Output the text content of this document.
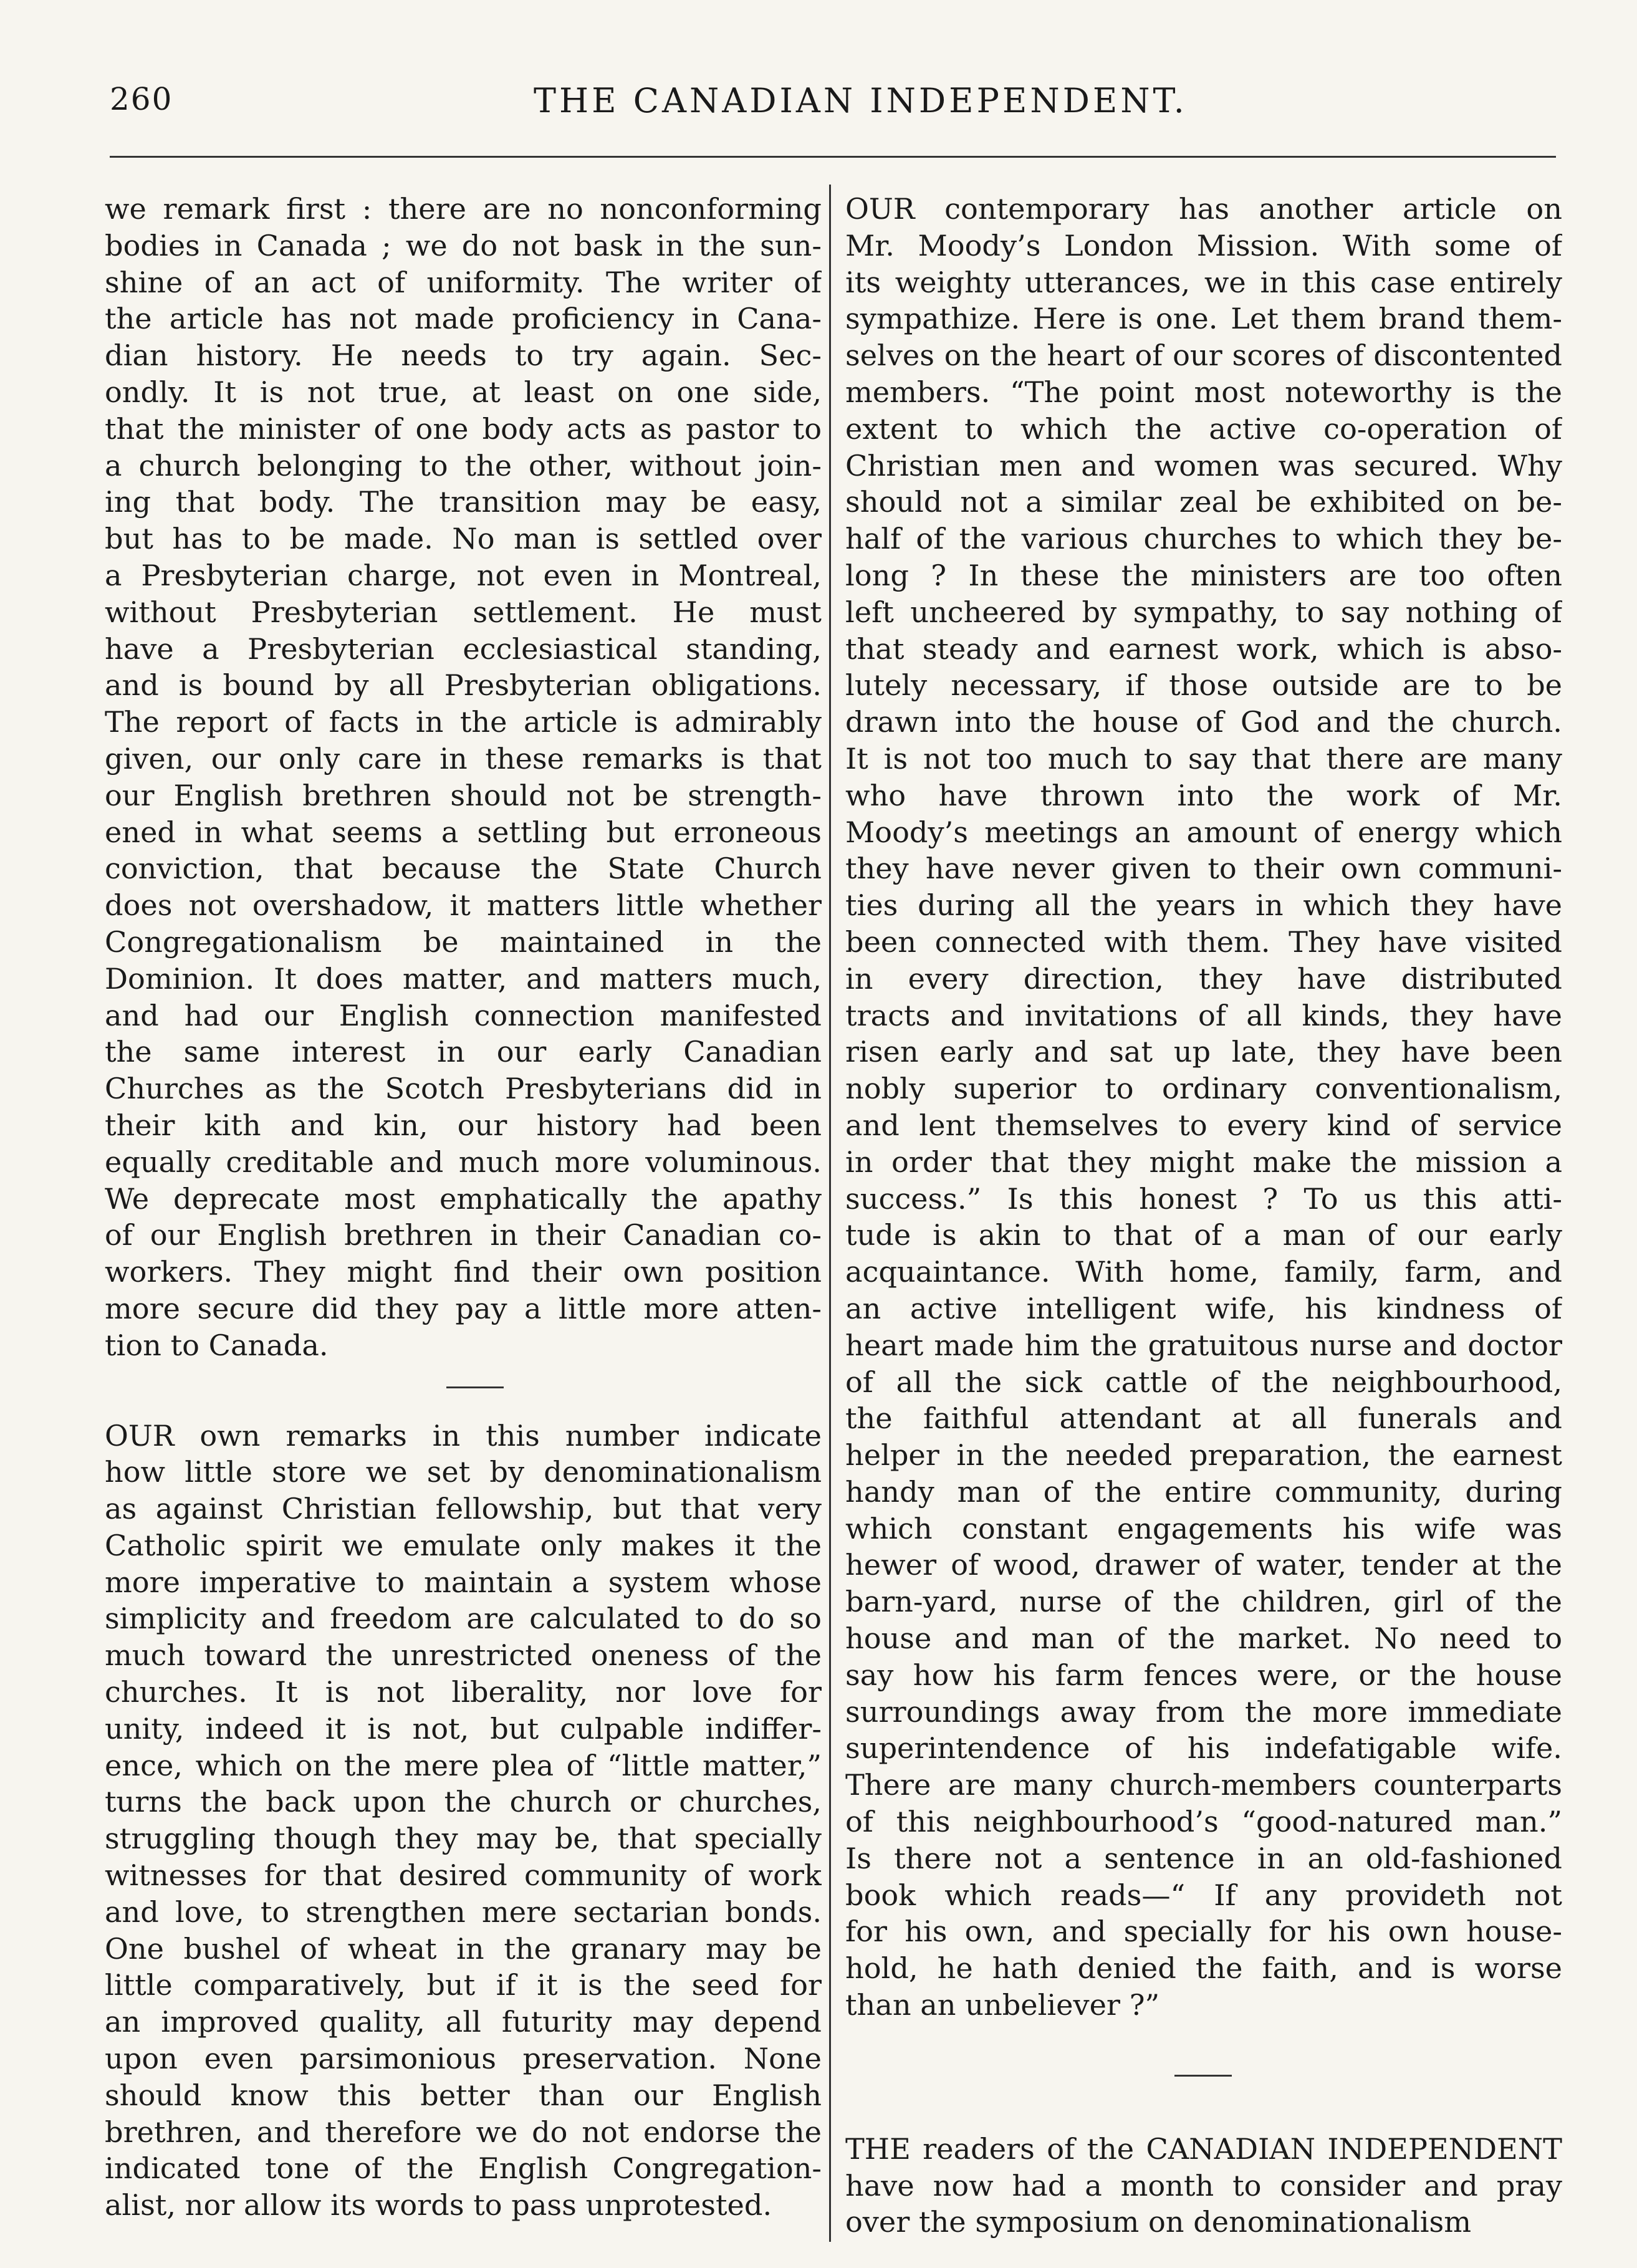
260	THE CANADIAN INDEPENDENT.
we remark first : there are no nonconforming
bodies in Canada ; we do not bask in the sun-
shine of an act of uniformity. The writer of
the article has not made proficiency in Cana-
dian history. He needs to try again. Sec-
ondly. It is not true, at least on one side,
that the minister of one body acts as pastor to
a church belonging to the other, without join-
ing that body. The transition may be easy,
but has to be made. No man is settled over
a Presbyterian charge, not even in Montreal,
without Presbyterian settlement. He must
have a Presbyterian ecclesiastical standing,
and is bound by all Presbyterian obligations.
The report of facts in the article is admirably
given, our only care in these remarks is that
our English brethren should not be strength-
ened in what seems a settling but erroneous
conviction, that because the State Church
does not overshadow, it matters little whether
Congregationalism be maintained in the
Dominion. It does matter, and matters much,
and had our English connection manifested
the same interest in our early Canadian
Churches as the Scotch Presbyterians did in
their kith and kin, our history had been
equally creditable and much more voluminous.
We deprecate most emphatically the apathy
of our English brethren in their Canadian co-
workers. They might find their own position
more secure did they pay a little more atten-
tion to Canada.
OUR own remarks in this number indicate
how little store we set by denominationalism
as against Christian fellowship, but that very
Catholic spirit we emulate only makes it the
more imperative to maintain a system whose
simplicity and freedom are calculated to do so
much toward the unrestricted oneness of the
churches. It is not liberality, nor love for
unity, indeed it is not, but culpable indiffer-
ence, which on the mere plea of “little matter,”
turns the back upon the church or churches,
struggling though they may be, that specially
witnesses for that desired community of work
and love, to strengthen mere sectarian bonds.
One bushel of wheat in the granary may be
little comparatively, but if it is the seed for
an improved quality, all futurity may depend
upon even parsimonious preservation. None
should know this better than our English
brethren, and therefore we do not endorse the
indicated tone of the English Congregation-
alist, nor allow its words to pass unprotested.
OUR contemporary has another article on
Mr. Moody’s London Mission. With some of
its weighty utterances, we in this case entirely
sympathize. Here is one. Let them brand them-
selves on the heart of our scores of discontented
members. “The point most noteworthy is the
extent to which the active co-operation of
Christian men and women was secured. Why
should not a similar zeal be exhibited on be-
half of the various churches to which they be-
long ? In these the ministers are too often
left uncheered by sympathy, to say nothing of
that steady and earnest work, which is abso-
lutely necessary, if those outside are to be
drawn into the house of God and the church.
It is not too much to say that there are many
who have thrown into the work of Mr.
Moody’s meetings an amount of energy which
they have never given to their own communi-
ties during all the years in which they have
been connected with them. They have visited
in every direction, they have distributed
tracts and invitations of all kinds, they have
risen early and sat up late, they have been
nobly superior to ordinary conventionalism,
and lent themselves to every kind of service
in order that they might make the mission a
success.” Is this honest ? To us this atti-
tude is akin to that of a man of our early
acquaintance. With home, family, farm, and
an active intelligent wife, his kindness of
heart made him the gratuitous nurse and doctor
of all the sick cattle of the neighbourhood,
the faithful attendant at all funerals and
helper in the needed preparation, the earnest
handy man of the entire community, during
which constant engagements his wife was
hewer of wood, drawer of water, tender at the
barn-yard, nurse of the children, girl of the
house and man of the market. No need to
say how his farm fences were, or the house
surroundings away from the more immediate
superintendence of his indefatigable wife.
There are many church-members counterparts
of this neighbourhood’s “good-natured man.”
Is there not a sentence in an old-fashioned
book which reads—“ If any provideth not
for his own, and specially for his own house-
hold, he hath denied the faith, and is worse
than an unbeliever ?”
THE readers of the CANADIAN INDEPENDENT
have now had a month to consider and pray
over the symposium on denominationalism
